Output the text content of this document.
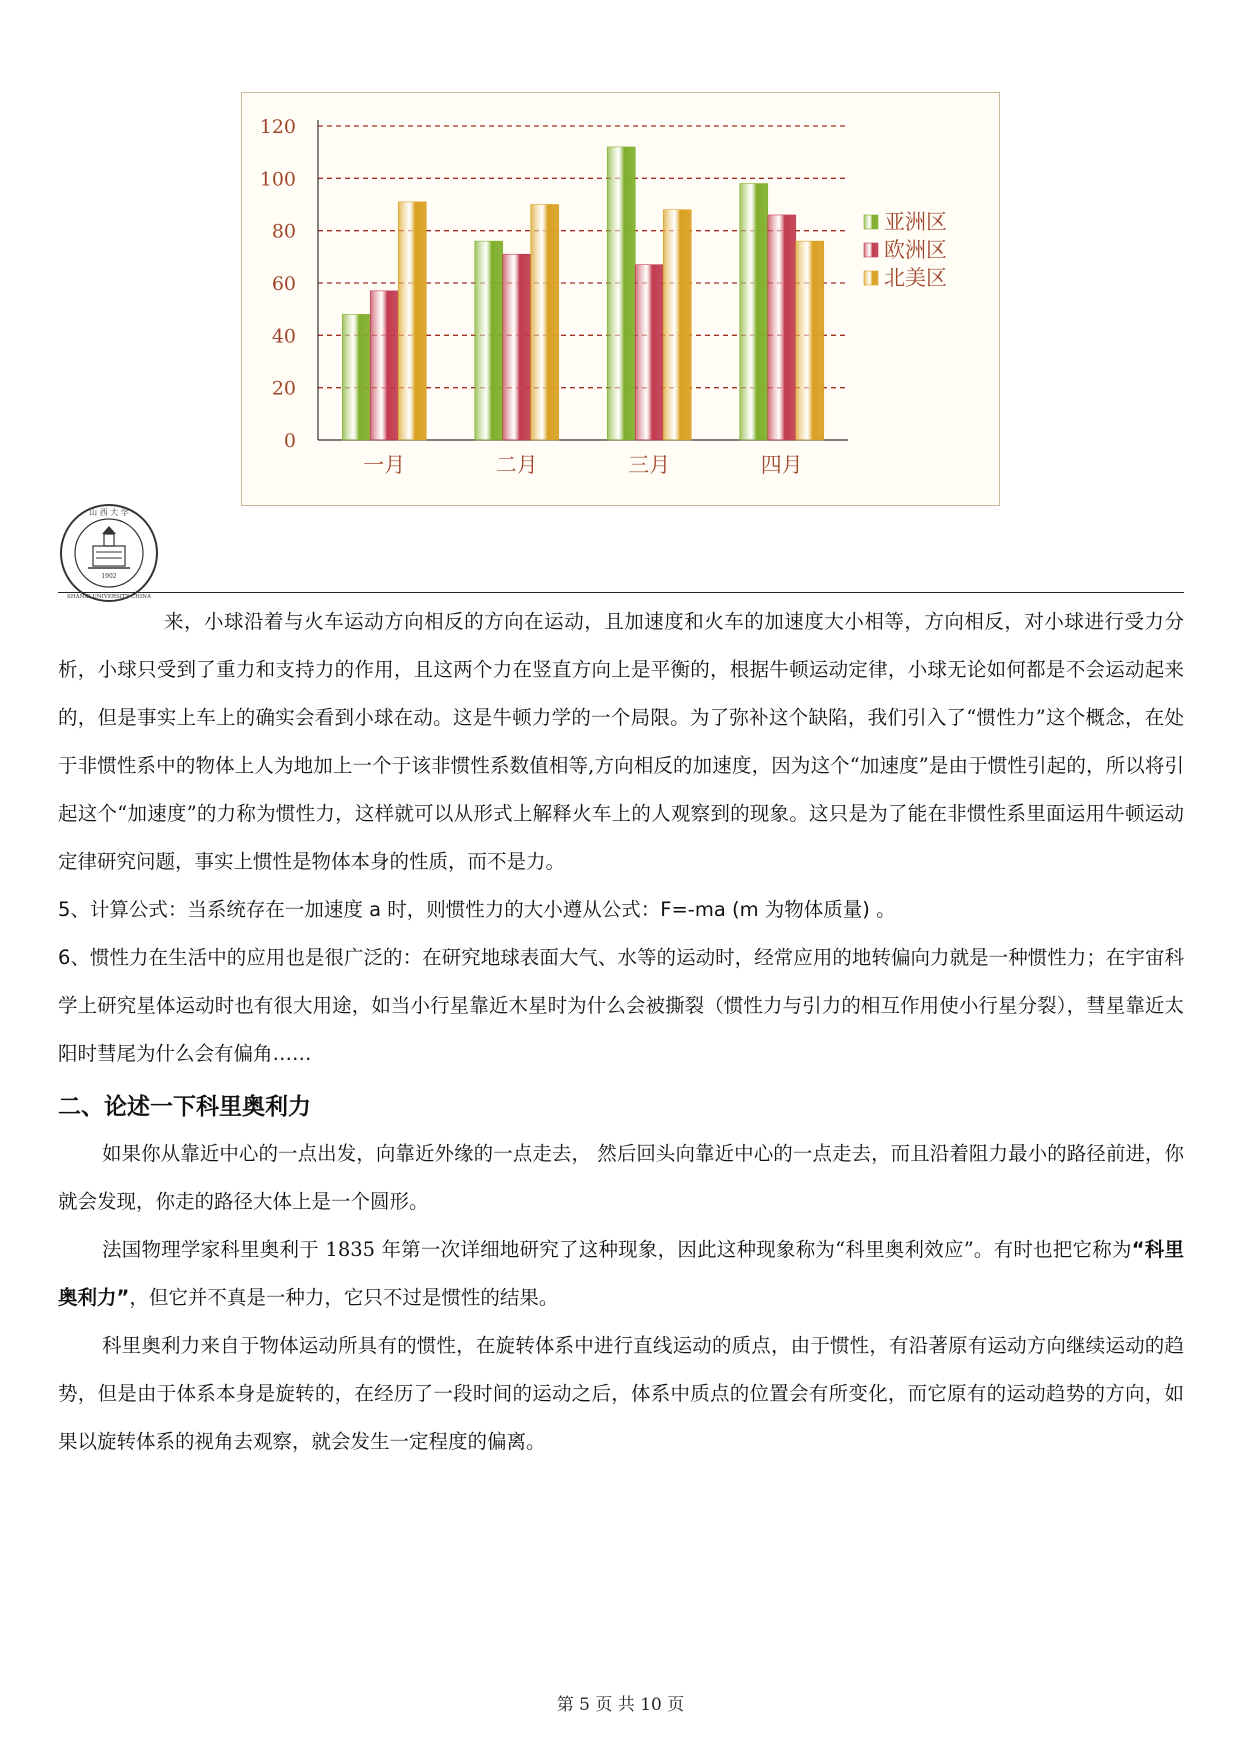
0
20
40
60
80
100
120
一月	二月	三月	四月
亚洲区
欧洲区
北美区
1902
山 西 大 学
SHANXI UNIVERSITY CHINA

来，小球沿着与火车运动方向相反的方向在运动，且加速度和火车的加速度大小相等，方向相反，对小球进行受力分析，小球只受到了重力和支持力的作用，且这两个力在竖直方向上是平衡的，根据牛顿运动定律，小球无论如何都是不会运动起来的，但是事实上车上的确实会看到小球在动。这是牛顿力学的一个局限。为了弥补这个缺陷，我们引入了“惯性力”这个概念，在处于非惯性系中的物体上人为地加上一个于该非惯性系数值相等,方向相反的加速度，因为这个“加速度”是由于惯性引起的，所以将引起这个“加速度”的力称为惯性力，这样就可以从形式上解释火车上的人观察到的现象。这只是为了能在非惯性系里面运用牛顿运动定律研究问题，事实上惯性是物体本身的性质，而不是力。

5、计算公式：当系统存在一加速度 a 时，则惯性力的大小遵从公式：F=-ma (m 为物体质量) 。

6、惯性力在生活中的应用也是很广泛的：在研究地球表面大气、水等的运动时，经常应用的地转偏向力就是一种惯性力；在宇宙科学上研究星体运动时也有很大用途，如当小行星靠近木星时为什么会被撕裂（惯性力与引力的相互作用使小行星分裂），彗星靠近太阳时彗尾为什么会有偏角……

二、论述一下科里奥利力

如果你从靠近中心的一点出发，向靠近外缘的一点走去， 然后回头向靠近中心的一点走去，而且沿着阻力最小的路径前进，你就会发现，你走的路径大体上是一个圆形。

法国物理学家科里奥利于 1835 年第一次详细地研究了这种现象，因此这种现象称为“科里奥利效应”。有时也把它称为“科里奥利力”，但它并不真是一种力，它只不过是惯性的结果。

科里奥利力来自于物体运动所具有的惯性，在旋转体系中进行直线运动的质点，由于惯性，有沿著原有运动方向继续运动的趋势，但是由于体系本身是旋转的，在经历了一段时间的运动之后，体系中质点的位置会有所变化，而它原有的运动趋势的方向，如果以旋转体系的视角去观察，就会发生一定程度的偏离。

第 5 页 共 10 页
